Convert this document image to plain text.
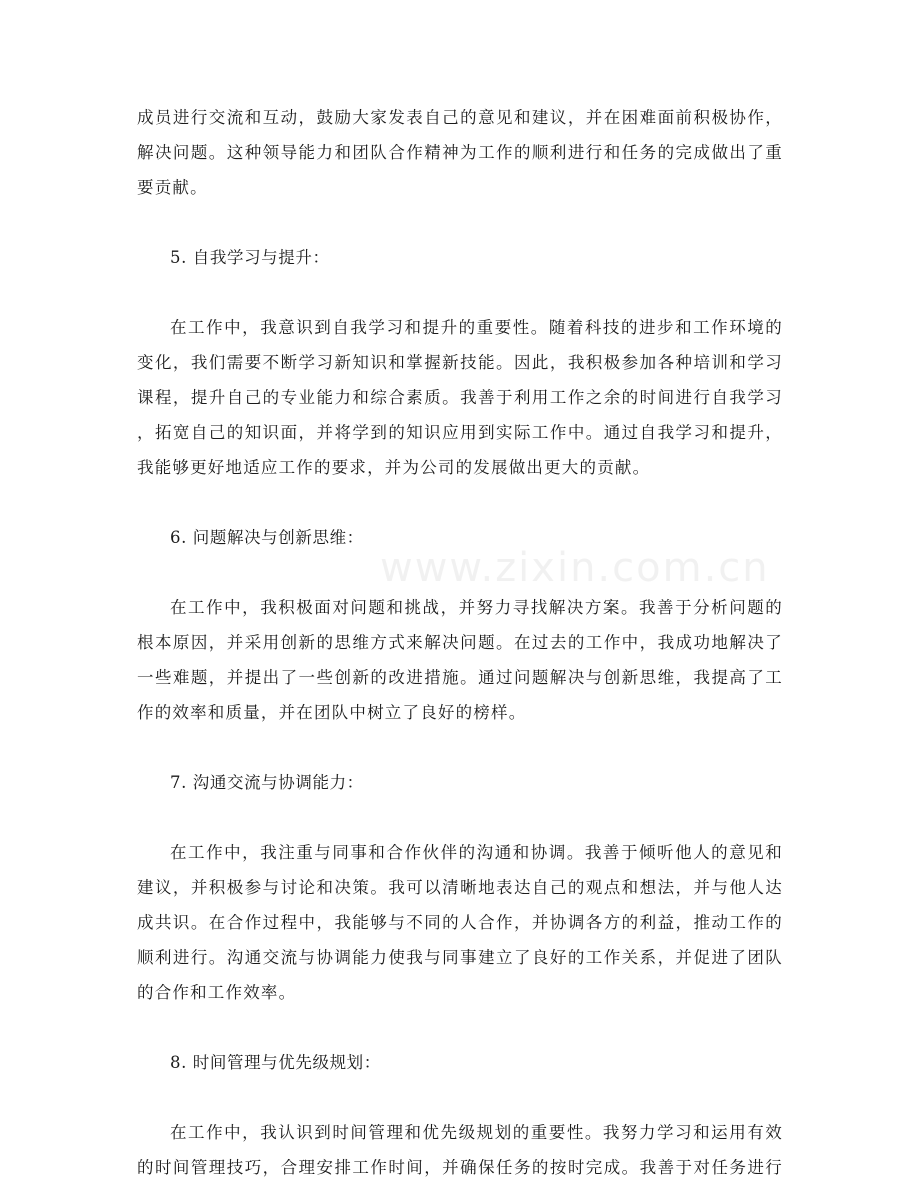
www.zixin.com.cn
成员进行交流和互动，鼓励大家发表自己的意见和建议，并在困难面前积极协作，
解决问题。这种领导能力和团队合作精神为工作的顺利进行和任务的完成做出了重
要贡献。
5. 自我学习与提升：
在工作中，我意识到自我学习和提升的重要性。随着科技的进步和工作环境的
变化，我们需要不断学习新知识和掌握新技能。因此，我积极参加各种培训和学习
课程，提升自己的专业能力和综合素质。我善于利用工作之余的时间进行自我学习
，拓宽自己的知识面，并将学到的知识应用到实际工作中。通过自我学习和提升，
我能够更好地适应工作的要求，并为公司的发展做出更大的贡献。
6. 问题解决与创新思维：
在工作中，我积极面对问题和挑战，并努力寻找解决方案。我善于分析问题的
根本原因，并采用创新的思维方式来解决问题。在过去的工作中，我成功地解决了
一些难题，并提出了一些创新的改进措施。通过问题解决与创新思维，我提高了工
作的效率和质量，并在团队中树立了良好的榜样。
7. 沟通交流与协调能力：
在工作中，我注重与同事和合作伙伴的沟通和协调。我善于倾听他人的意见和
建议，并积极参与讨论和决策。我可以清晰地表达自己的观点和想法，并与他人达
成共识。在合作过程中，我能够与不同的人合作，并协调各方的利益，推动工作的
顺利进行。沟通交流与协调能力使我与同事建立了良好的工作关系，并促进了团队
的合作和工作效率。
8. 时间管理与优先级规划：
在工作中，我认识到时间管理和优先级规划的重要性。我努力学习和运用有效
的时间管理技巧，合理安排工作时间，并确保任务的按时完成。我善于对任务进行
